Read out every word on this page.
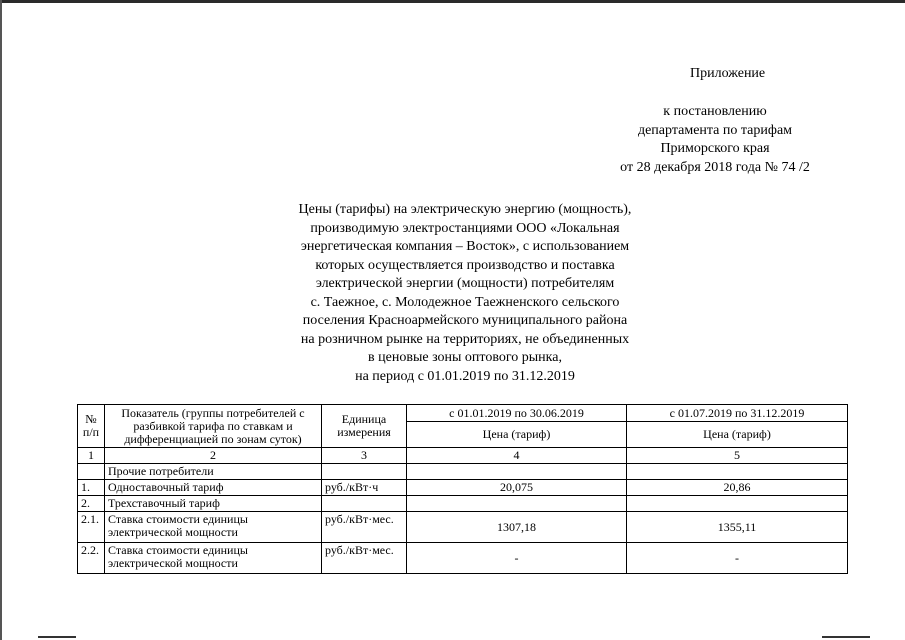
Приложение
к постановлению
департамента по тарифам
Приморского края
от 28 декабря 2018 года № 74 /2
Цены (тарифы) на электрическую энергию (мощность),
производимую электростанциями ООО «Локальная
энергетическая компания – Восток», с использованием
которых осуществляется производство и поставка
электрической энергии (мощности) потребителям
с. Таежное, с. Молодежное Таежненского сельского
поселения Красноармейского муниципального района
на розничном рынке на территориях, не объединенных
в ценовые зоны оптового рынка,
на период с 01.01.2019 по 31.12.2019
№ п/п	Показатель (группы потребителей с разбивкой тарифа по ставкам и дифференциацией по зонам суток)	Единица измерения	с 01.01.2019 по 30.06.2019	с 01.07.2019 по 31.12.2019
			Цена (тариф)	Цена (тариф)
1	2	3	4	5
	Прочие потребители			
1.	Одноставочный тариф	руб./кВт·ч	20,075	20,86
2.	Трехставочный тариф			
2.1.	Ставка стоимости единицы электрической мощности	руб./кВт·мес.	1307,18	1355,11
2.2.	Ставка стоимости единицы электрической мощности	руб./кВт·мес.	-	-
